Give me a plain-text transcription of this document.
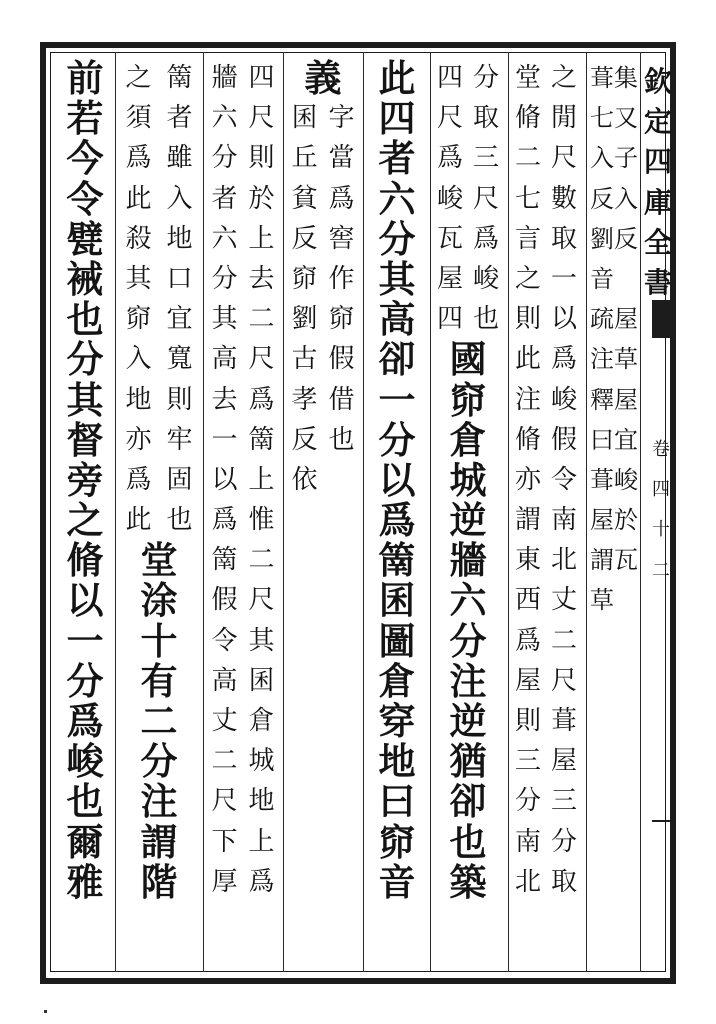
葺
七
入
反
劉
音
集
又
子
入
反
疏
注
釋
曰
葺
屋
謂
草
屋
草
屋
宜
峻
於
瓦
堂
脩
二
七
言
之
則
此
注
脩
亦
謂
東
西
爲
屋
則
三
分
南
北
之
閒
尺
數
取
一
以
爲
峻
假
令
南
北
丈
二
尺
葺
屋
三
分
取
四
尺
爲
峻
瓦
屋
四
分
取
三
尺
爲
峻
也
國
窌
倉
城
逆
牆
六
分
注
逆
猶
卻
也
築
此
四
者
六
分
其
高
卻
一
分
以
爲
䈒
囷
圖
倉
穿
地
曰
窌
音
義
囷
丘
貧
反
窌
劉
古
孝
反
依
字
當
爲
窖
作
窌
假
借
也
牆
六
分
者
六
分
其
高
去
一
以
爲
䈒
假
令
高
丈
二
尺
下
厚
四
尺
則
於
上
去
二
尺
爲
䈒
上
惟
二
尺
其
囷
倉
城
地
上
爲
之
須
爲
此
殺
其
窌
入
地
亦
爲
此
䈒
者
雖
入
地
口
宜
寬
則
牢
固
也
堂
涂
十
有
二
分
注
謂
階
前
若
今
令
甓
裓
也
分
其
督
旁
之
脩
以
一
分
爲
峻
也
爾
雅
欽
定
四
庫
全
書
卷
四
十
二
